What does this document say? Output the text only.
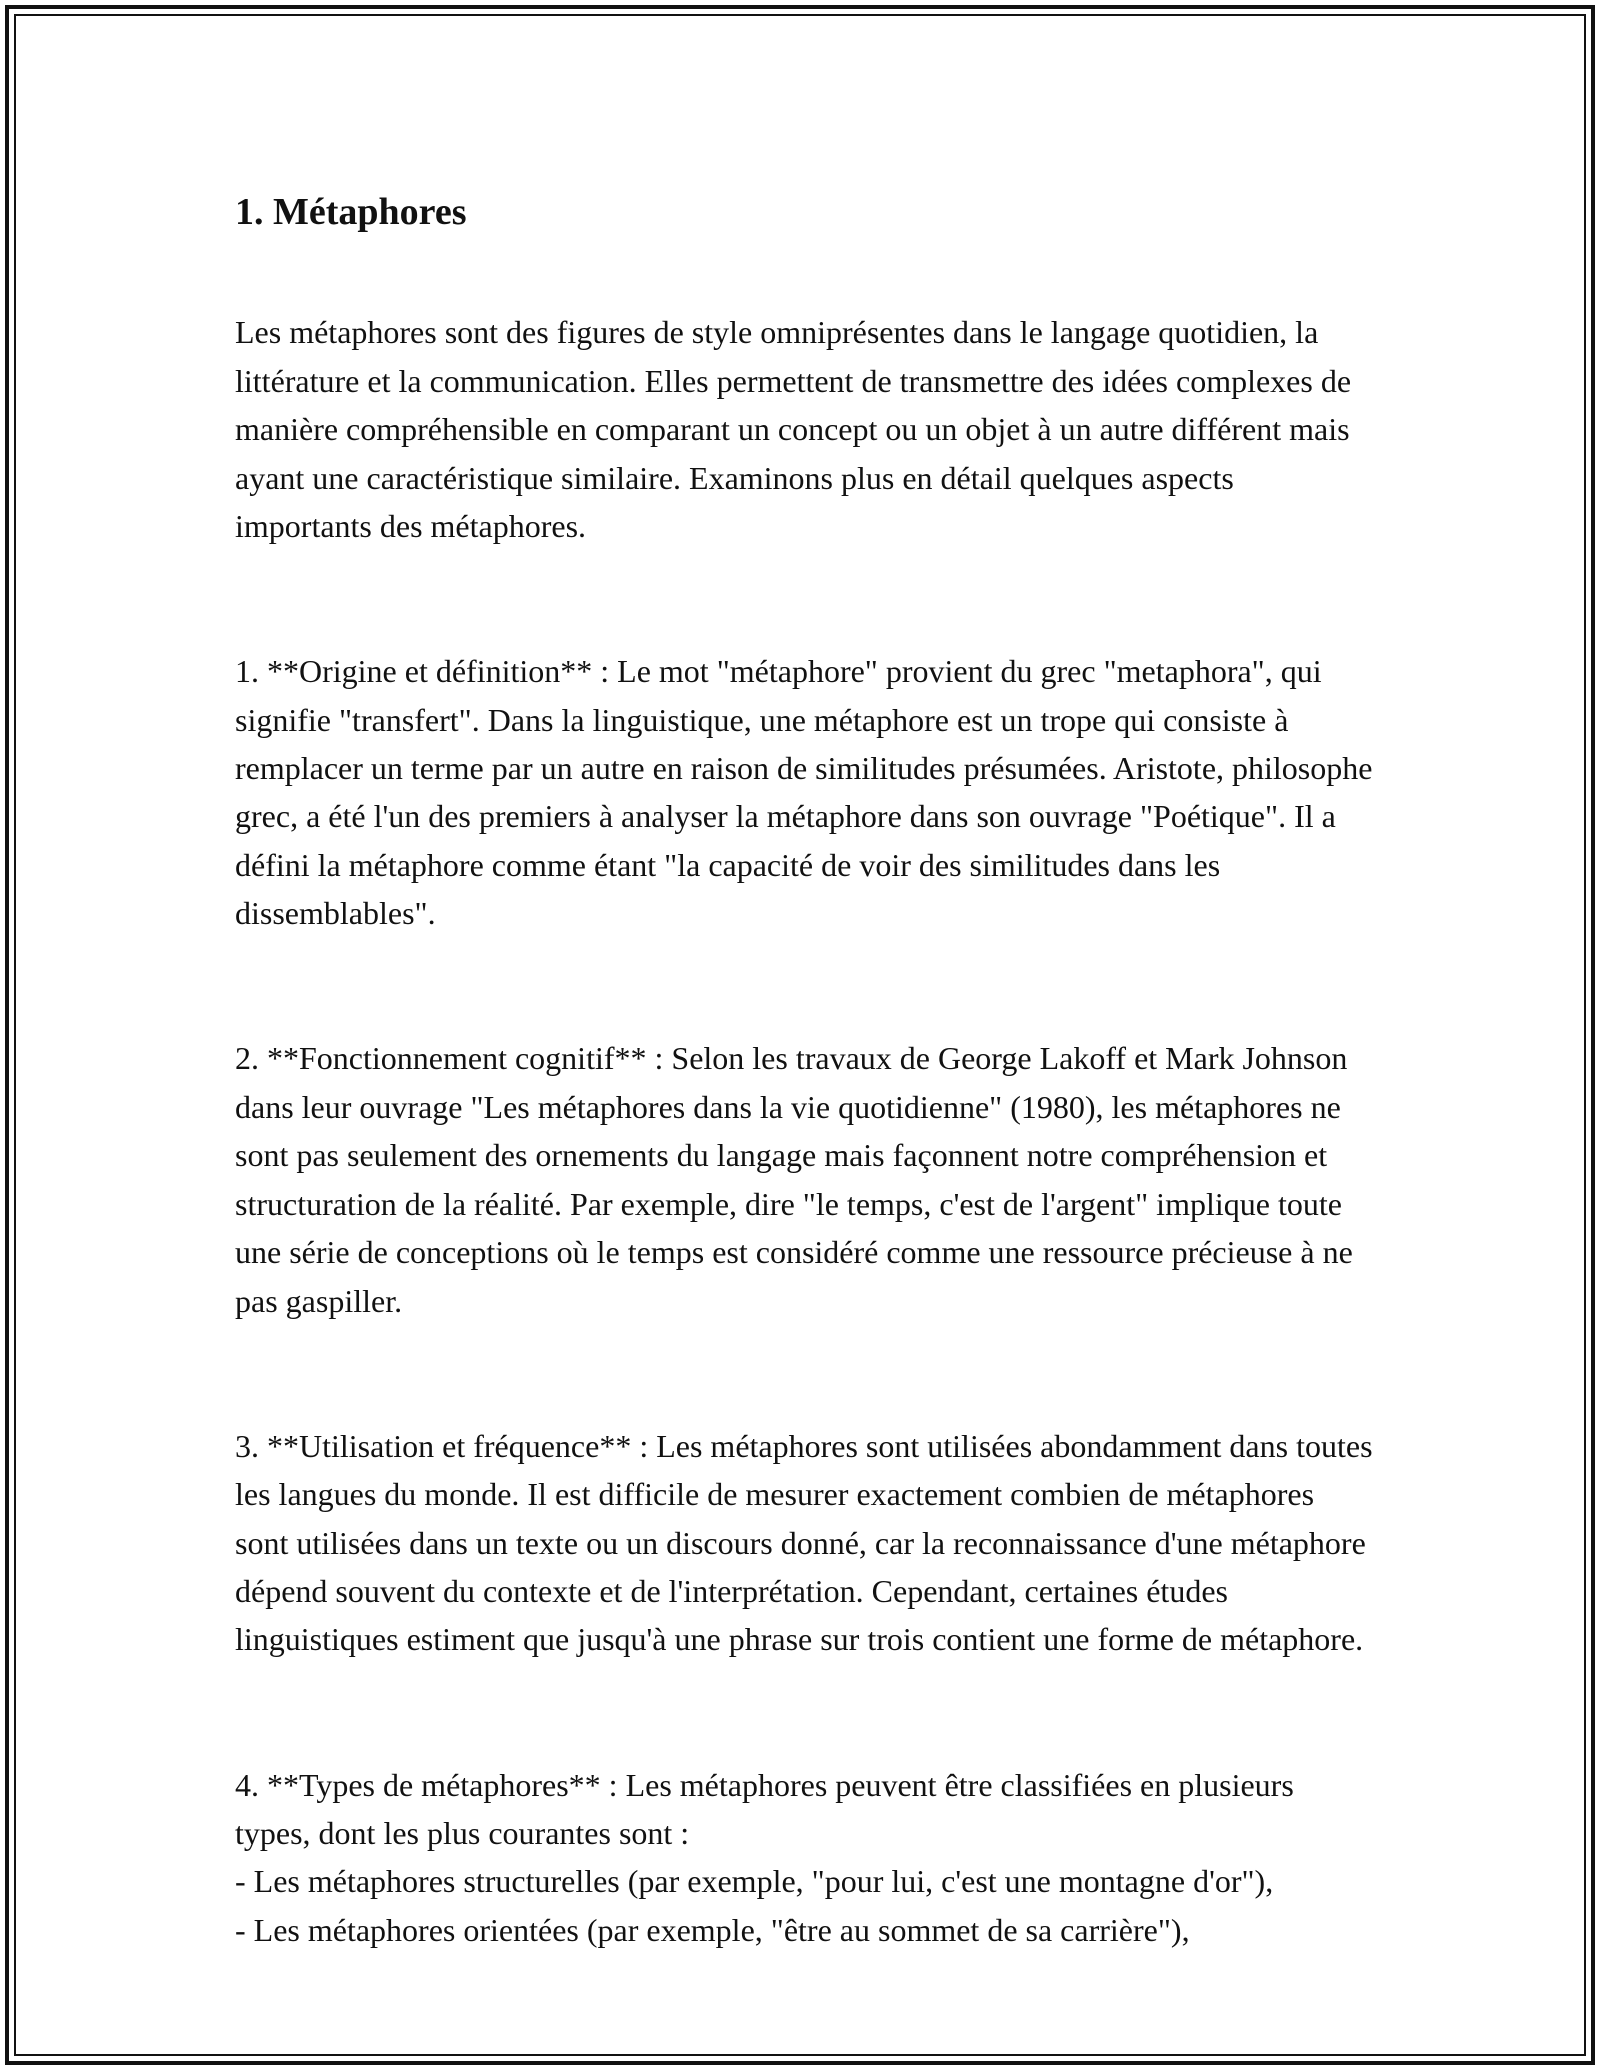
1. Métaphores

Les métaphores sont des figures de style omniprésentes dans le langage quotidien, la littérature et la communication. Elles permettent de transmettre des idées complexes de manière compréhensible en comparant un concept ou un objet à un autre différent mais ayant une caractéristique similaire. Examinons plus en détail quelques aspects importants des métaphores.

1. **Origine et définition** : Le mot "métaphore" provient du grec "metaphora", qui signifie "transfert". Dans la linguistique, une métaphore est un trope qui consiste à remplacer un terme par un autre en raison de similitudes présumées. Aristote, philosophe grec, a été l'un des premiers à analyser la métaphore dans son ouvrage "Poétique". Il a défini la métaphore comme étant "la capacité de voir des similitudes dans les dissemblables".

2. **Fonctionnement cognitif** : Selon les travaux de George Lakoff et Mark Johnson dans leur ouvrage "Les métaphores dans la vie quotidienne" (1980), les métaphores ne sont pas seulement des ornements du langage mais façonnent notre compréhension et structuration de la réalité. Par exemple, dire "le temps, c'est de l'argent" implique toute une série de conceptions où le temps est considéré comme une ressource précieuse à ne pas gaspiller.

3. **Utilisation et fréquence** : Les métaphores sont utilisées abondamment dans toutes les langues du monde. Il est difficile de mesurer exactement combien de métaphores sont utilisées dans un texte ou un discours donné, car la reconnaissance d'une métaphore dépend souvent du contexte et de l'interprétation. Cependant, certaines études linguistiques estiment que jusqu'à une phrase sur trois contient une forme de métaphore.

4. **Types de métaphores** : Les métaphores peuvent être classifiées en plusieurs types, dont les plus courantes sont :
- Les métaphores structurelles (par exemple, "pour lui, c'est une montagne d'or"),
- Les métaphores orientées (par exemple, "être au sommet de sa carrière"),
